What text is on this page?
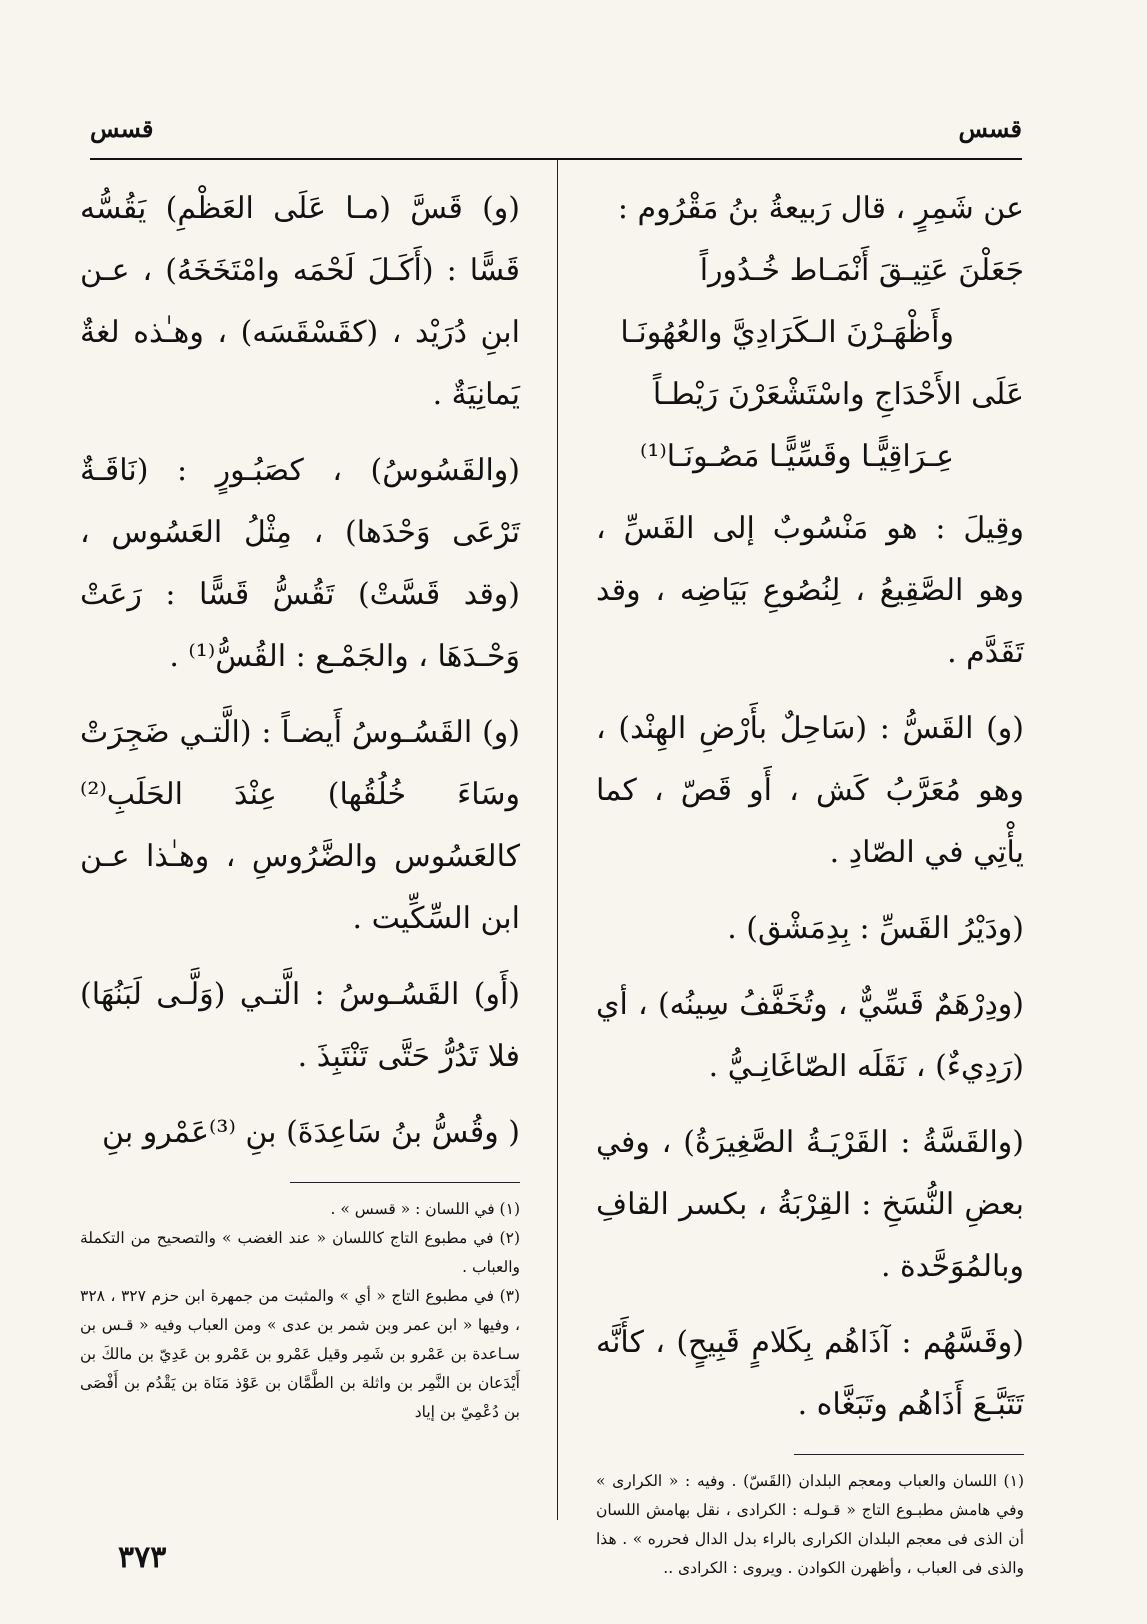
قسس
قسس

عن شَمِرٍ ، قال رَبيعةُ بنُ مَقْرُوم :

جَعَلْنَ عَتِيـقَ أَنْمَـاط خُـدُوراً
وأَظْهَـرْنَ الـكَرَادِيَّ والعُهُونَـا
عَلَى الأَحْدَاجِ واسْتَشْعَرْنَ رَيْطـاً
عِـرَاقِيًّـا وقَسِّيًّـا مَصُـونَـا⁽¹⁾

وقِيلَ : هو مَنْسُوبٌ إلى القَسِّ ، وهو الصَّقِيعُ ، لِنُصُوعِ بَيَاضِه ، وقد تَقَدَّم .

(و) القَسُّ : (سَاحِلٌ بأَرْضِ الهِنْد) ، وهو مُعَرَّبُ كَش ، أَو قَصّ ، كما يأْتِي في الصّادِ .

(ودَيْرُ القَسِّ : بِدِمَشْق) .

(ودِرْهَمٌ قَسِّيٌّ ، وتُخَفَّفُ سِينُه) ، أي (رَدِيءٌ) ، نَقَلَه الصّاغَانِـيُّ .

(والقَسَّةُ : القَرْيَـةُ الصَّغِيرَةُ) ، وفي بعضِ النُّسَخِ : القِرْبَةُ ، بكسر القافِ وبالمُوَحَّدة .

(وقَسَّهُم : آذَاهُم بِكَلامٍ قَبِيحٍ) ، كأَنَّه تَتَبَّـعَ أَذَاهُم وتَبَغَّاه .

(١) اللسان والعباب ومعجم البلدان (القَسّ) . وفيه : « الكرارى » وفي هامش مطبـوع التاج « قـولـه : الكرادى ، نقل بهامش اللسان أن الذى فى معجم البلدان الكرارى بالراء بدل الدال فحرره » . هذا والذى فى العباب ، وأظهرن الكوادن . ويروى : الكرادى ..

(و) قَسَّ (مـا عَلَى العَظْمِ) يَقُسُّه قَسًّا : (أَكَـلَ لَحْمَه وامْتَخَخَهُ) ، عـن ابنِ دُرَيْد ، (كقَسْقَسَه) ، وهـٰذه لغةٌ يَمانِيَةٌ .

(والقَسُوسُ) ، كصَبُـورٍ : (نَاقَـةٌ تَرْعَى وَحْدَها) ، مِثْلُ العَسُوس ، (وقد قَسَّتْ) تَقُسُّ قَسًّا : رَعَتْ وَحْـدَهَا ، والجَمْـع : القُسُّ⁽¹⁾ .

(و) القَسُـوسُ أَيضـاً : (الَّتـي ضَجِرَتْ وسَاءَ خُلُقُها) عِنْدَ الحَلَبِ⁽²⁾ كالعَسُوس والضَّرُوسِ ، وهـٰذا عـن ابن السِّكِّيت .

(أَو) القَسُـوسُ : الَّتـي (وَلَّـى لَبَنُهَا) فلا تَدُرُّ حَتَّى تَنْتَبِذَ .

( وقُسُّ بنُ سَاعِدَةَ) بنِ ⁽³⁾عَمْرو بنِ

(١) في اللسان : « قسس » .

(٢) في مطبوع التاج كاللسان « عند الغضب » والتصحيح من التكملة والعباب .

(٣) في مطبوع التاج « أي » والمثبت من جمهرة ابن حزم ٣٢٧ ، ٣٢٨ ، وفيها « ابن عمر وبن شمر بن عدى » ومن العباب وفيه « قـس بن سـاعدة بن عَمْرو بن شَمِر وقيل عَمْرو بن عَمْرو بن عَدِيّ بن مالكَ بن أَيْدَعان بن النَّمِر بن واثلة بن الطَّمَّان بن عَوْذ مَنَاة بن يَقْدُم بن أَفْصَى بن دُعْمِيّ بن إياد

٣٧٣
